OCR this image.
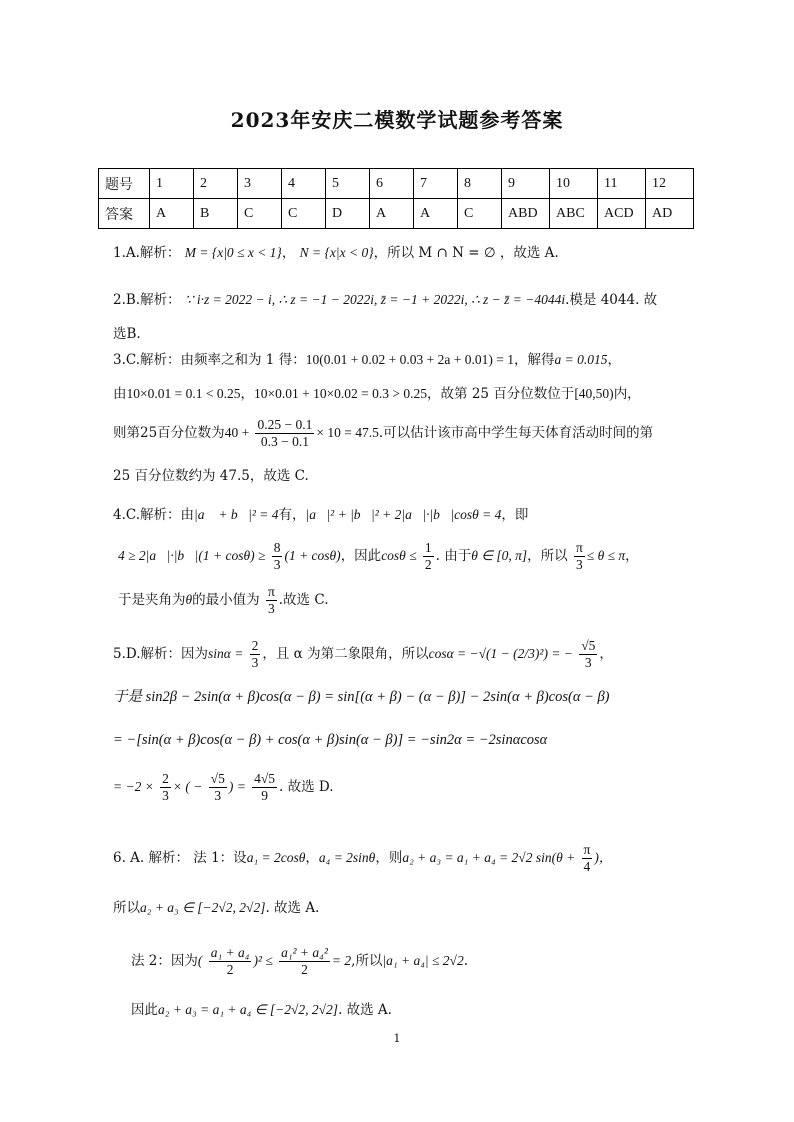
2023年安庆二模数学试题参考答案
题号	1	2	3	4	5	6	7	8	9	10	11	12
答案	A	B	C	C	D	A	A	C	ABD	ABC	ACD	AD
1.A.解析： M = {x|0 ≤ x < 1}， N = {x|x < 0}，所以 M ∩ N = ∅ ，故选 A.
2.B.解析： ∵ i·z = 2022 − i, ∴ z = −1 − 2022i, z̄ = −1 + 2022i, ∴ z − z̄ = −4044i.模是 4044. 故
选B.
3.C.解析：由频率之和为 1 得：10(0.01 + 0.02 + 0.03 + 2a + 0.01) = 1，解得a = 0.015，
由10×0.01 = 0.1 < 0.25，10×0.01 + 10×0.02 = 0.3 > 0.25，故第 25 百分位数位于[40,50)内，
则第25百分位数为$40 + \frac{0.25 - 0.1}{0.3 - 0.1} \times 10 = 47.5$.可以估计该市高中学生每天体育活动时间的第
25 百分位数约为 47.5，故选 C.
4.C.解析：由|a⃗ + b⃗|² = 4有，|a⃗|² + |b⃗|² + 2|a⃗|·|b⃗|cosθ = 4，即
4 ≥ 2|a⃗|·|b⃗|(1 + $\cos\theta) \ge \frac{8}{3} (1 + \cos\theta)$，因此$\cos\theta \le \frac{1}{2}$ . 由于θ ∈ [0, π]，所以 $\frac{\pi}{3} \le \theta \le \pi$，
于是夹角为θ的最小值为 $\frac{\pi}{3}$ .故选 C.
5.D.解析：因为$\sin\alpha = \frac{2}{3}$ ，且 α 为第二象限角，所以cosα = −√(1 − (2/3)²) = − $\frac{√5}{3}$ ，
于是 sin2β − 2sin(α + β)cos(α − β) = sin[(α + β) − (α − β)] − 2sin(α + β)cos(α − β)
= −[sin(α + β)cos(α − β) + cos(α + β)sin(α − β)] = −sin2α = −2sinαcosα
= $-2 \times \frac{2}{3}$ × ( − $\frac{√5}{3}$ ) = $\frac{4√5}{9}$ . 故选 D.
6. A. 解析： 法 1：设a₁ = 2cosθ，a₄ = 2sinθ，则a₂ + a₃ = a₁ + a₄ = 2√2 $\sin(\theta + \frac{\pi}{4}$ )，
所以a₂ + a₃ ∈ [−2√2, 2√2]. 故选 A.
法 2：因为( $\frac{\text{a₁ + a₄}}{2} )^2 \le \frac{\text{a₁² + a₄²}}{2} = 2$,所以|a₁ + a₄| ≤ 2√2.
因此a₂ + a₃ = a₁ + a₄ ∈ [−2√2, 2√2]. 故选 A.
1
